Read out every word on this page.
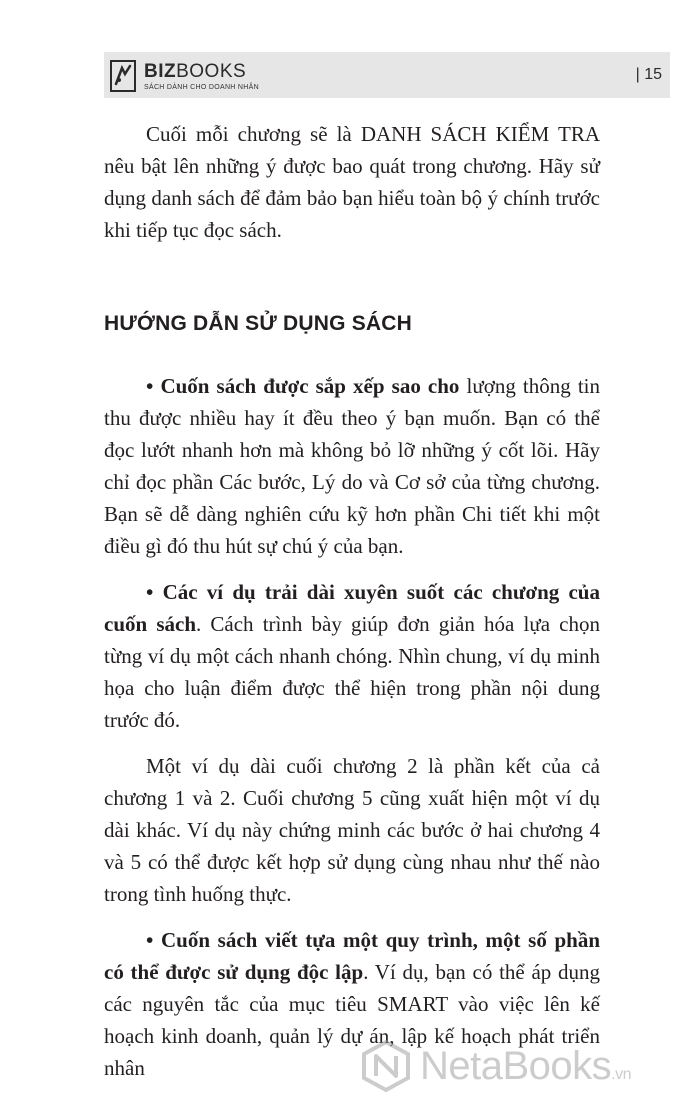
BIZBOOKS
SÁCH DÀNH CHO DOANH NHÂN
| 15

Cuối mỗi chương sẽ là DANH SÁCH KIỂM TRA nêu bật lên những ý được bao quát trong chương. Hãy sử dụng danh sách để đảm bảo bạn hiểu toàn bộ ý chính trước khi tiếp tục đọc sách.

HƯỚNG DẪN SỬ DỤNG SÁCH

• Cuốn sách được sắp xếp sao cho lượng thông tin thu được nhiều hay ít đều theo ý bạn muốn. Bạn có thể đọc lướt nhanh hơn mà không bỏ lỡ những ý cốt lõi. Hãy chỉ đọc phần Các bước, Lý do và Cơ sở của từng chương. Bạn sẽ dễ dàng nghiên cứu kỹ hơn phần Chi tiết khi một điều gì đó thu hút sự chú ý của bạn.

• Các ví dụ trải dài xuyên suốt các chương của cuốn sách. Cách trình bày giúp đơn giản hóa lựa chọn từng ví dụ một cách nhanh chóng. Nhìn chung, ví dụ minh họa cho luận điểm được thể hiện trong phần nội dung trước đó.

Một ví dụ dài cuối chương 2 là phần kết của cả chương 1 và 2. Cuối chương 5 cũng xuất hiện một ví dụ dài khác. Ví dụ này chứng minh các bước ở hai chương 4 và 5 có thể được kết hợp sử dụng cùng nhau như thế nào trong tình huống thực.

• Cuốn sách viết tựa một quy trình, một số phần có thể được sử dụng độc lập. Ví dụ, bạn có thể áp dụng các nguyên tắc của mục tiêu SMART vào việc lên kế hoạch kinh doanh, quản lý dự án, lập kế hoạch phát triển nhân	NetaBooks.vn
